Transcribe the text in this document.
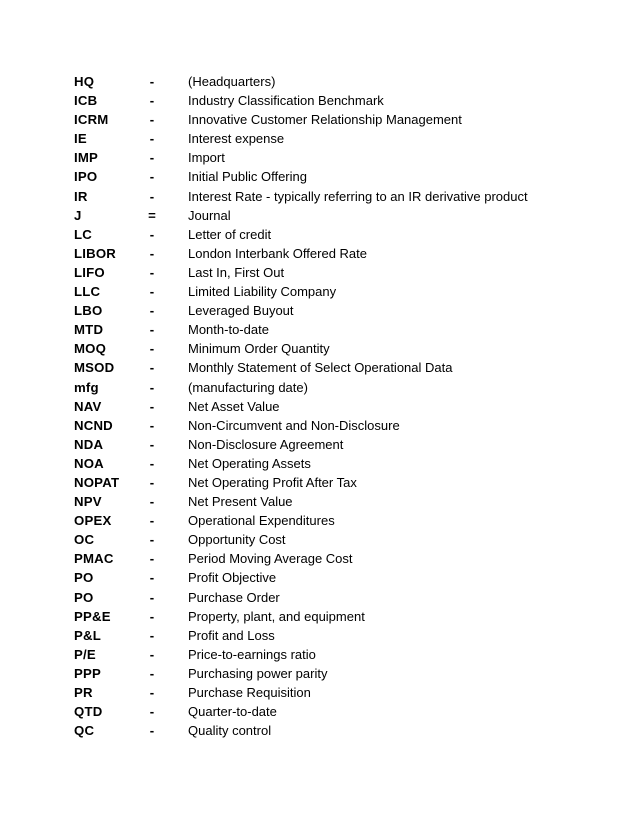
HQ	-	(Headquarters)
ICB	-	Industry Classification Benchmark
ICRM	-	Innovative Customer Relationship Management
IE	-	Interest expense
IMP	-	Import
IPO	-	Initial Public Offering
IR	-	Interest Rate - typically referring to an IR derivative product
J	= Journal
LC	-	Letter of credit
LIBOR	-	London Interbank Offered Rate
LIFO	-	Last In, First Out
LLC	-	Limited Liability Company
LBO	-	Leveraged Buyout
MTD	-	Month-to-date
MOQ	-	Minimum Order Quantity
MSOD	-	Monthly Statement of Select Operational Data
mfg	-	(manufacturing date)
NAV	-	Net Asset Value
NCND	-	Non-Circumvent and Non-Disclosure
NDA	-	Non-Disclosure Agreement
NOA	-	Net Operating Assets
NOPAT -	Net Operating Profit After Tax
NPV	-	Net Present Value
OPEX	-	Operational Expenditures
OC	-	Opportunity Cost
PMAC	-	Period Moving Average Cost
PO	-	Profit Objective
PO	-	Purchase Order
PP&E	-	Property, plant, and equipment
P&L	-	Profit and Loss
P/E	-	Price-to-earnings ratio
PPP	-	Purchasing power parity
PR	-	Purchase Requisition
QTD	-	Quarter-to-date
QC	-	Quality control
